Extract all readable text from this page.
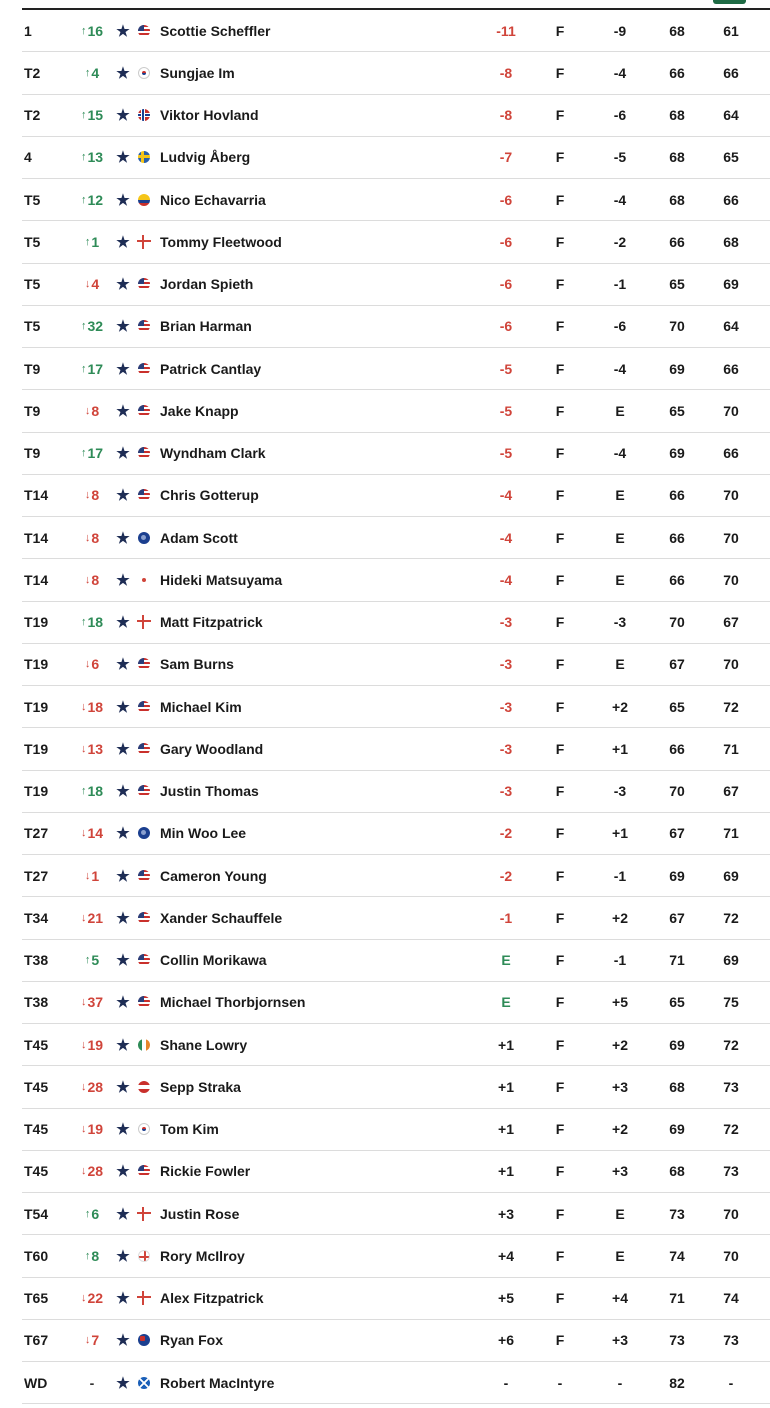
1	↑ 16 ★ Scottie Scheffler	-11	F	-9	68	61
T2	↑ 4 ★ Sungjae Im	-8	F	-4	66	66
T2	↑ 15 ★ Viktor Hovland	-8	F	-6	68	64
4	↑ 13 ★ Ludvig Åberg	-7	F	-5	68	65
T5	↑ 12 ★ Nico Echavarria	-6	F	-4	68	66
T5	↑ 1 ★ Tommy Fleetwood	-6	F	-2	66	68
T5	↓ 4 ★ Jordan Spieth	-6	F	-1	65	69
T5	↑ 32 ★ Brian Harman	-6	F	-6	70	64
T9	↑ 17 ★ Patrick Cantlay	-5	F	-4	69	66
T9	↓ 8 ★ Jake Knapp	-5	F	E	65	70
T9	↑ 17 ★ Wyndham Clark	-5	F	-4	69	66
T14	↓ 8 ★ Chris Gotterup	-4	F	E	66	70
T14	↓ 8 ★ Adam Scott	-4	F	E	66	70
T14	↓ 8 ★ Hideki Matsuyama	-4	F	E	66	70
T19	↑ 18 ★ Matt Fitzpatrick	-3	F	-3	70	67
T19	↓ 6 ★ Sam Burns	-3	F	E	67	70
T19	↓ 18 ★ Michael Kim	-3	F	+2	65	72
T19	↓ 13 ★ Gary Woodland	-3	F	+1	66	71
T19	↑ 18 ★ Justin Thomas	-3	F	-3	70	67
T27	↓ 14 ★ Min Woo Lee	-2	F	+1	67	71
T27	↓ 1 ★ Cameron Young	-2	F	-1	69	69
T34	↓ 21 ★ Xander Schauffele	-1	F	+2	67	72
T38	↑ 5 ★ Collin Morikawa	E	F	-1	71	69
T38	↓ 37 ★ Michael Thorbjornsen	E	F	+5	65	75
T45	↓ 19 ★ Shane Lowry	+1	F	+2	69	72
T45	↓ 28 ★ Sepp Straka	+1	F	+3	68	73
T45	↓ 19 ★ Tom Kim	+1	F	+2	69	72
T45	↓ 28 ★ Rickie Fowler	+1	F	+3	68	73
T54	↑ 6 ★ Justin Rose	+3	F	E	73	70
T60	↑ 8 ★ Rory McIlroy	+4	F	E	74	70
T65	↓ 22 ★ Alex Fitzpatrick	+5	F	+4	71	74
T67	↓ 7 ★ Ryan Fox	+6	F	+3	73	73
WD	- ★ Robert MacIntyre	-	-	-	82	-
